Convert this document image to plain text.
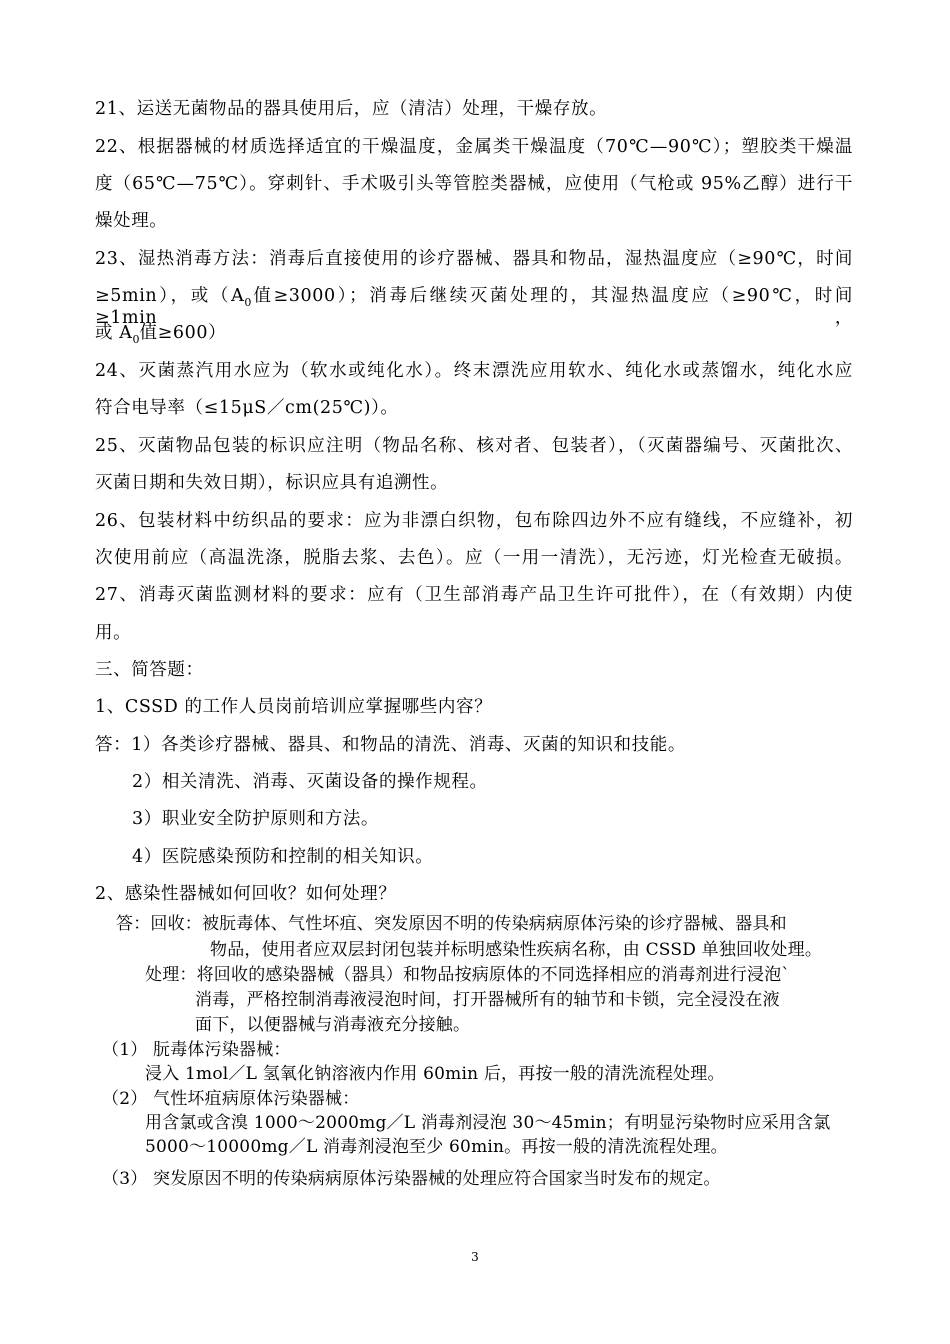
21、运送无菌物品的器具使用后，应（清洁）处理，干燥存放。
22、根据器械的材质选择适宜的干燥温度，金属类干燥温度（70℃—90℃）；塑胶类干燥温
度（65℃—75℃）。穿刺针、手术吸引头等管腔类器械，应使用（气枪或 95%乙醇）进行干
燥处理。
23、湿热消毒方法：消毒后直接使用的诊疗器械、器具和物品，湿热温度应（≥90℃，时间
≥5min），或（$A_0$值≥3000）；消毒后继续灭菌处理的，其湿热温度应（≥90℃，时间≥1min，
或 $A_0$值≥600）
24、灭菌蒸汽用水应为（软水或纯化水）。终末漂洗应用软水、纯化水或蒸馏水，纯化水应
符合电导率（≤15μS／cm(25℃)）。
25、灭菌物品包装的标识应注明（物品名称、核对者、包装者），（灭菌器编号、灭菌批次、
灭菌日期和失效日期），标识应具有追溯性。
26、包装材料中纺织品的要求：应为非漂白织物，包布除四边外不应有缝线，不应缝补，初
次使用前应（高温洗涤，脱脂去浆、去色）。应（一用一清洗），无污迹，灯光检查无破损。
27、消毒灭菌监测材料的要求：应有（卫生部消毒产品卫生许可批件），在（有效期）内使
用。
三、简答题：
1、CSSD 的工作人员岗前培训应掌握哪些内容？
答：1）各类诊疗器械、器具、和物品的清洗、消毒、灭菌的知识和技能。
2）相关清洗、消毒、灭菌设备的操作规程。
3）职业安全防护原则和方法。
4）医院感染预防和控制的相关知识。
2、感染性器械如何回收？如何处理？
答：回收：被朊毒体、气性坏疽、突发原因不明的传染病病原体污染的诊疗器械、器具和
物品，使用者应双层封闭包装并标明感染性疾病名称，由 CSSD 单独回收处理。
处理：将回收的感染器械（器具）和物品按病原体的不同选择相应的消毒剂进行浸泡`
消毒，严格控制消毒液浸泡时间，打开器械所有的轴节和卡锁，完全浸没在液
面下，以便器械与消毒液充分接触。
（1） 朊毒体污染器械：
浸入 1mol／L 氢氧化钠溶液内作用 60min 后，再按一般的清洗流程处理。
（2） 气性坏疽病原体污染器械：
用含氯或含溴 1000～2000mg／L 消毒剂浸泡 30～45min；有明显污染物时应采用含氯
5000～10000mg／L 消毒剂浸泡至少 60min。再按一般的清洗流程处理。
（3） 突发原因不明的传染病病原体污染器械的处理应符合国家当时发布的规定。
3
